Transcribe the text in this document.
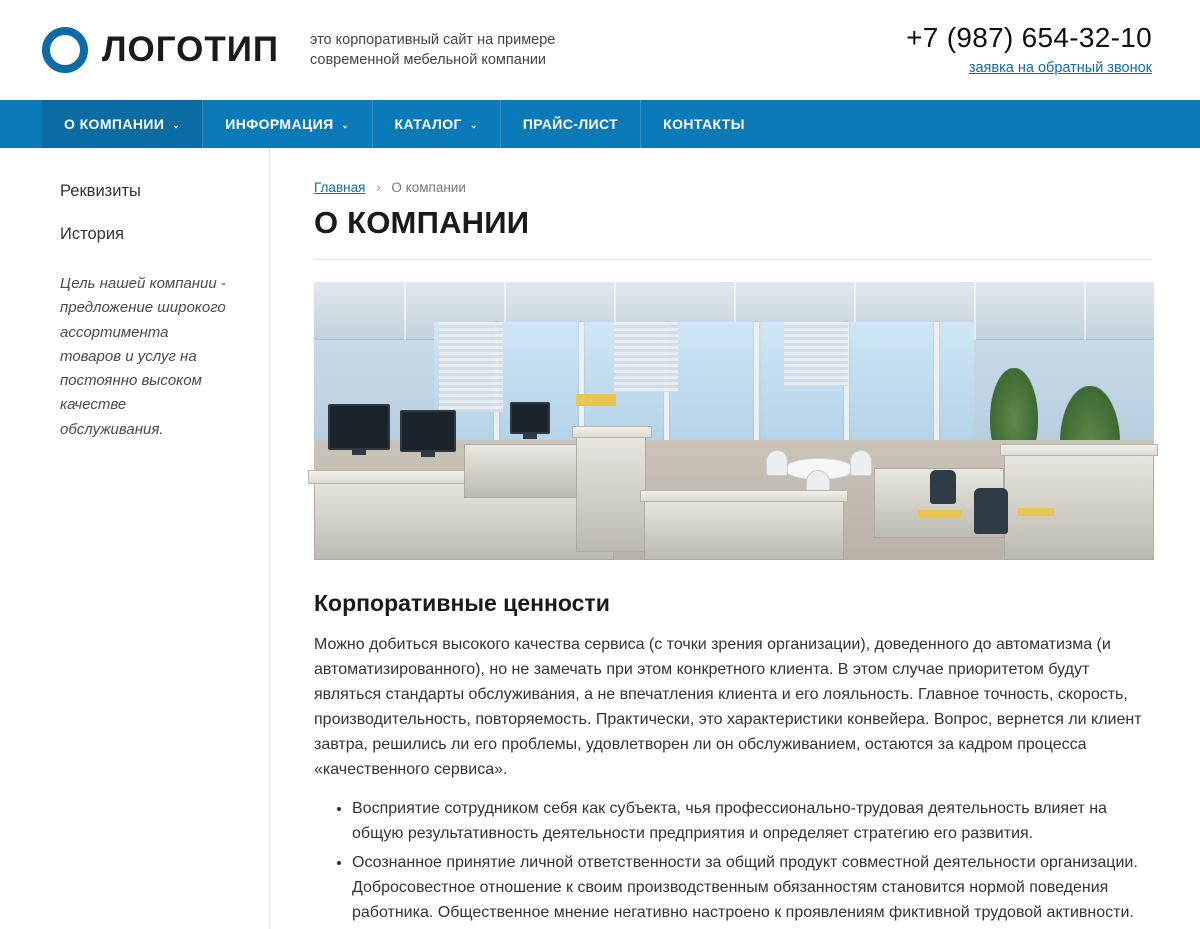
ЛОГОТИП это корпоративный сайт на примере современной мебельной компании
+7 (987) 654-32-10
заявка на обратный звонок
О КОМПАНИИ ⌄	ИНФОРМАЦИЯ ⌄	КАТАЛОГ ⌄	ПРАЙС-ЛИСТ	КОНТАКТЫ
Реквизиты
История
Цель нашей компании - предложение широкого ассортимента товаров и услуг на постоянно высоком качестве обслуживания.
Главная › О компании
О КОМПАНИИ
Корпоративные ценности

Можно добиться высокого качества сервиса (с точки зрения организации), доведенного до автоматизма (и автоматизированного), но не замечать при этом конкретного клиента. В этом случае приоритетом будут являться стандарты обслуживания, а не впечатления клиента и его лояльность. Главное точность, скорость, производительность, повторяемость. Практически, это характеристики конвейера. Вопрос, вернется ли клиент завтра, решились ли его проблемы, удовлетворен ли он обслуживанием, остаются за кадром процесса «качественного сервиса».

• Восприятие сотрудником себя как субъекта, чья профессионально-трудовая деятельность влияет на общую результативность деятельности предприятия и определяет стратегию его развития.
• Осознанное принятие личной ответственности за общий продукт совместной деятельности организации. Добросовестное отношение к своим производственным обязанностям становится нормой поведения работника. Общественное мнение негативно настроено к проявлениям фиктивной трудовой активности.
